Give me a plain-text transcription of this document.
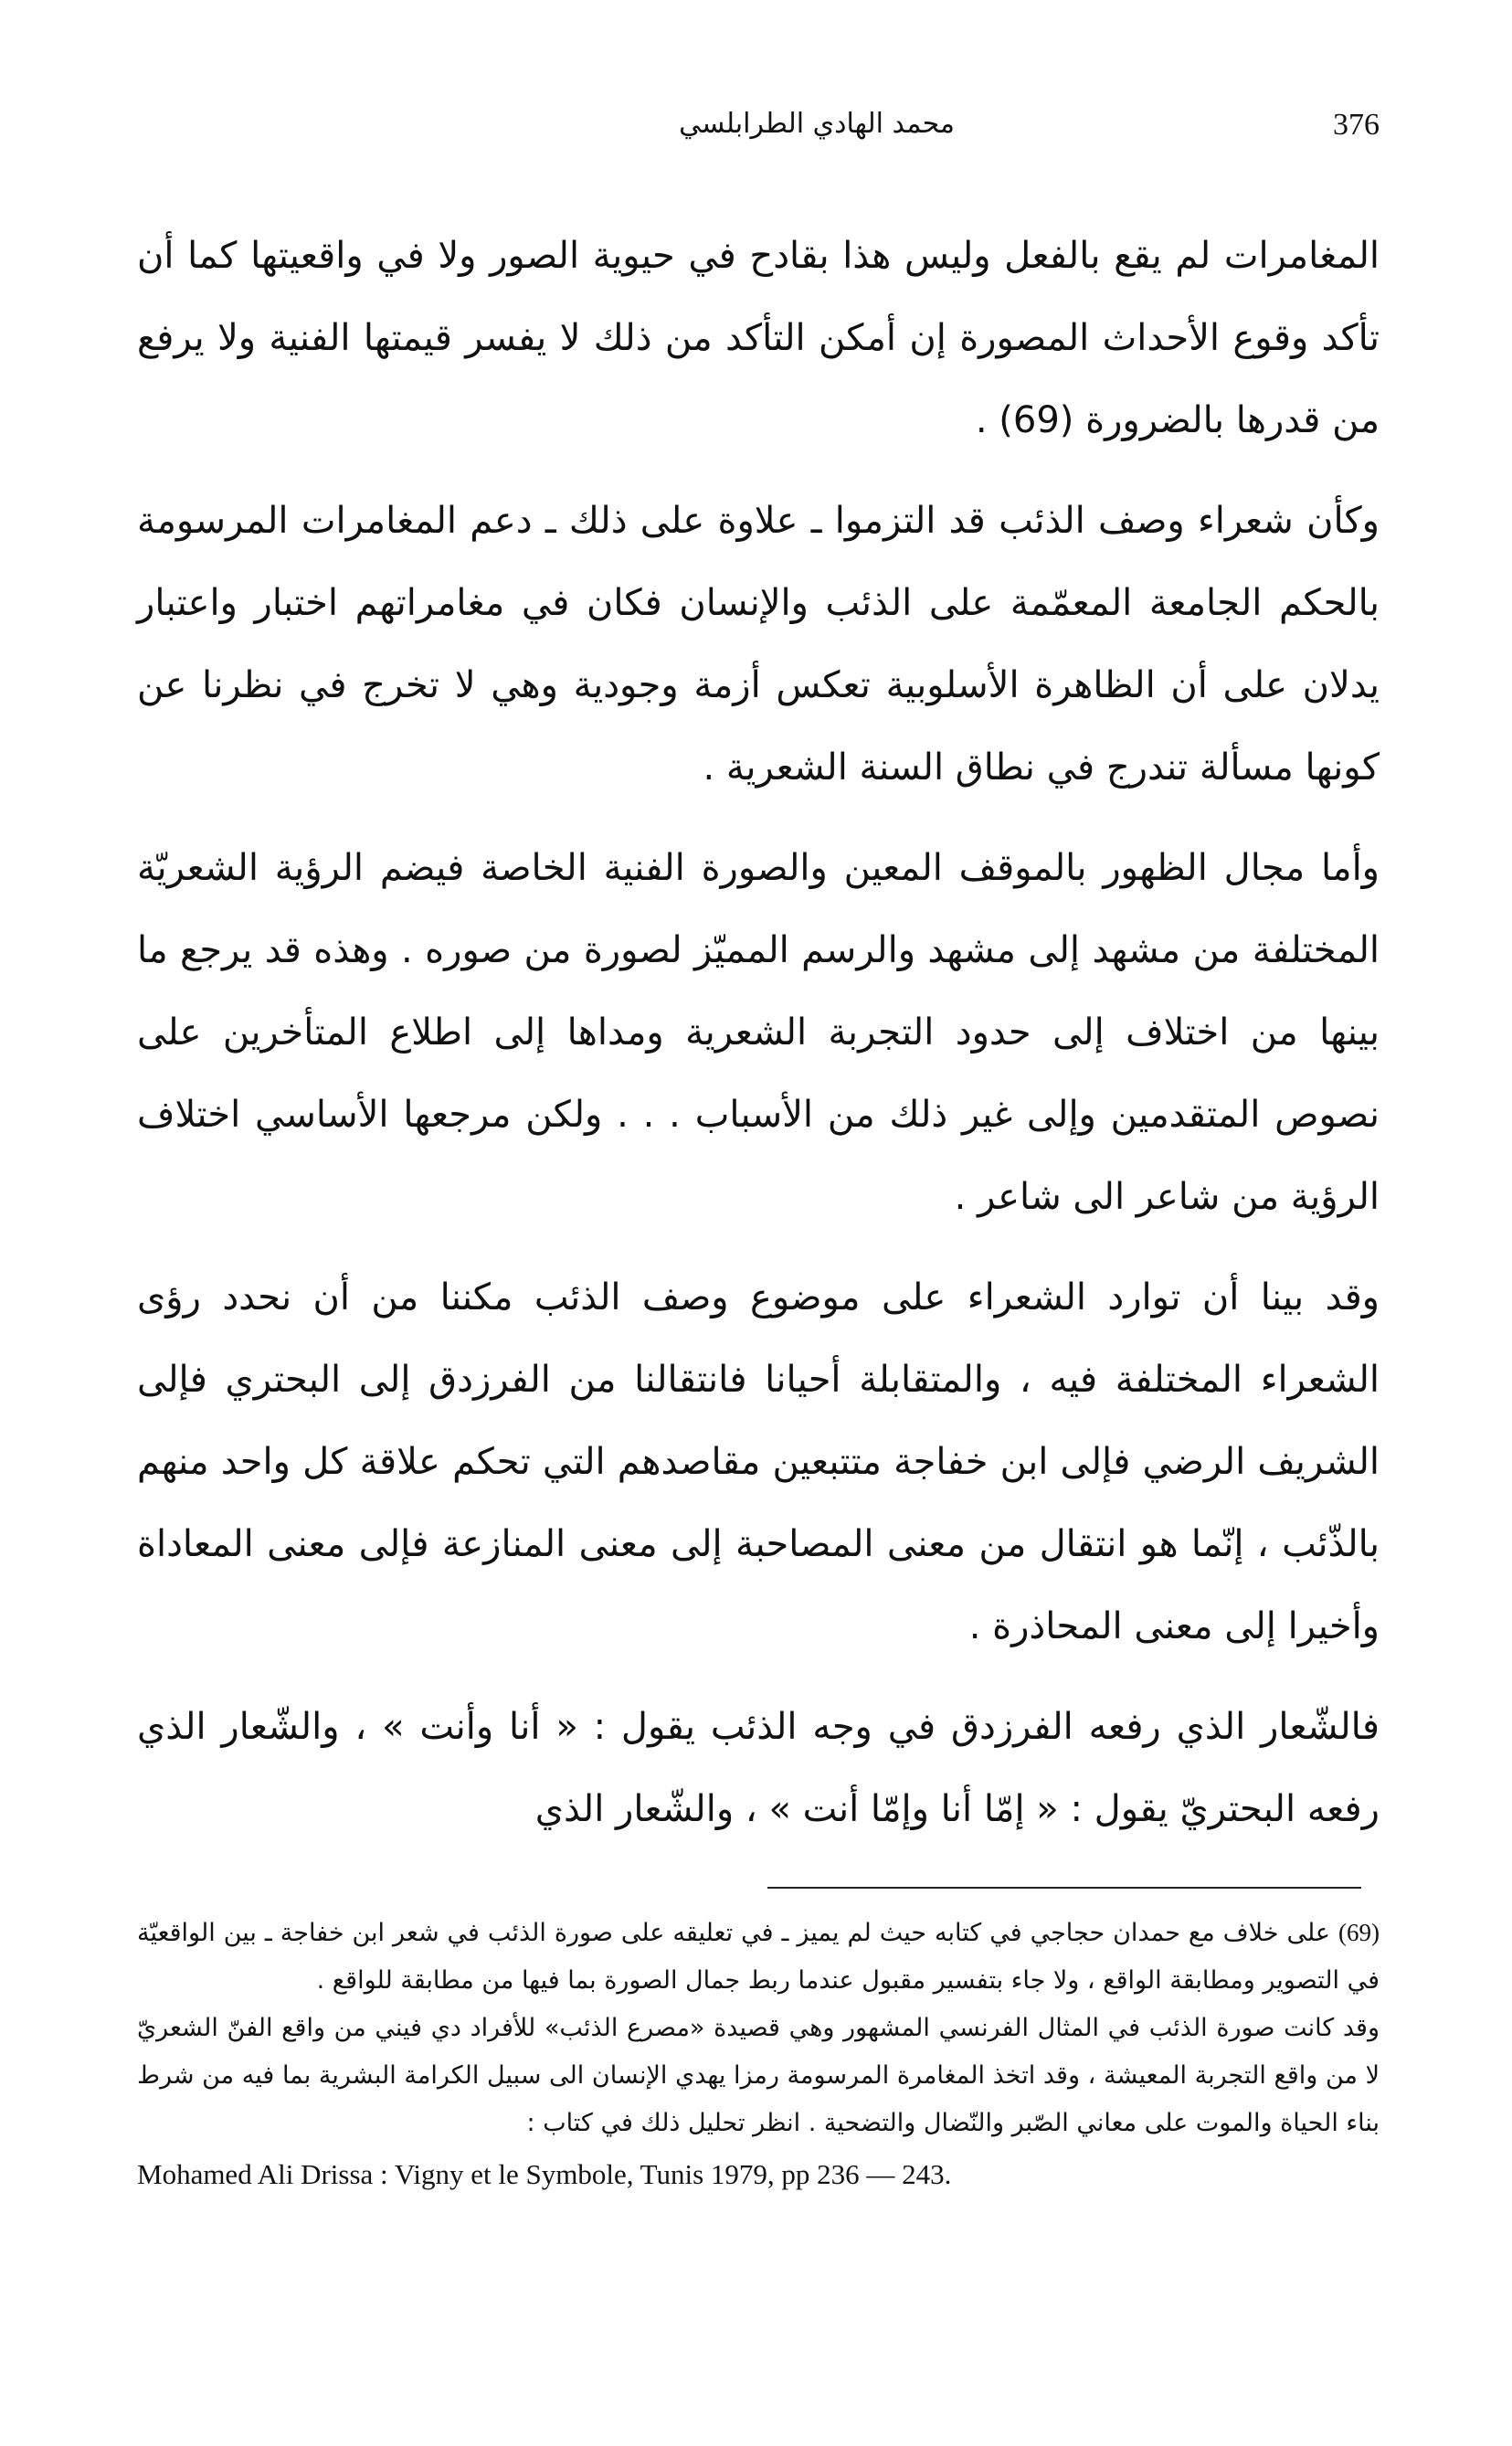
محمد الهادي الطرابلسي	376

المغامرات لم يقع بالفعل وليس هذا بقادح في حيوية الصور ولا في واقعيتها كما أن تأكد وقوع الأحداث المصورة إن أمكن التأكد من ذلك لا يفسر قيمتها الفنية ولا يرفع من قدرها بالضرورة (69) .

وكأن شعراء وصف الذئب قد التزموا ـ علاوة على ذلك ـ دعم المغامرات المرسومة بالحكم الجامعة المعمّمة على الذئب والإنسان فكان في مغامراتهم اختبار واعتبار يدلان على أن الظاهرة الأسلوبية تعكس أزمة وجودية وهي لا تخرج في نظرنا عن كونها مسألة تندرج في نطاق السنة الشعرية .

وأما مجال الظهور بالموقف المعين والصورة الفنية الخاصة فيضم الرؤية الشعريّة المختلفة من مشهد إلى مشهد والرسم المميّز لصورة من صوره . وهذه قد يرجع ما بينها من اختلاف إلى حدود التجربة الشعرية ومداها إلى اطلاع المتأخرين على نصوص المتقدمين وإلى غير ذلك من الأسباب . . . ولكن مرجعها الأساسي اختلاف الرؤية من شاعر الى شاعر .

وقد بينا أن توارد الشعراء على موضوع وصف الذئب مكننا من أن نحدد رؤى الشعراء المختلفة فيه ، والمتقابلة أحيانا فانتقالنا من الفرزدق إلى البحتري فإلى الشريف الرضي فإلى ابن خفاجة متتبعين مقاصدهم التي تحكم علاقة كل واحد منهم بالذّئب ، إنّما هو انتقال من معنى المصاحبة إلى معنى المنازعة فإلى معنى المعاداة وأخيرا إلى معنى المحاذرة .

فالشّعار الذي رفعه الفرزدق في وجه الذئب يقول : « أنا وأنت » ، والشّعار الذي رفعه البحتريّ يقول : « إمّا أنا وإمّا أنت » ، والشّعار الذي

(69) على خلاف مع حمدان حجاجي في كتابه حيث لم يميز ـ في تعليقه على صورة الذئب في شعر ابن خفاجة ـ بين الواقعيّة في التصوير ومطابقة الواقع ، ولا جاء بتفسير مقبول عندما ربط جمال الصورة بما فيها من مطابقة للواقع .

وقد كانت صورة الذئب في المثال الفرنسي المشهور وهي قصيدة «مصرع الذئب» للأفراد دي فيني من واقع الفنّ الشعريّ لا من واقع التجربة المعيشة ، وقد اتخذ المغامرة المرسومة رمزا يهدي الإنسان الى سبيل الكرامة البشرية بما فيه من شرط بناء الحياة والموت على معاني الصّبر والنّضال والتضحية . انظر تحليل ذلك في كتاب :

Mohamed Ali Drissa : Vigny et le Symbole, Tunis 1979, pp 236 — 243.
